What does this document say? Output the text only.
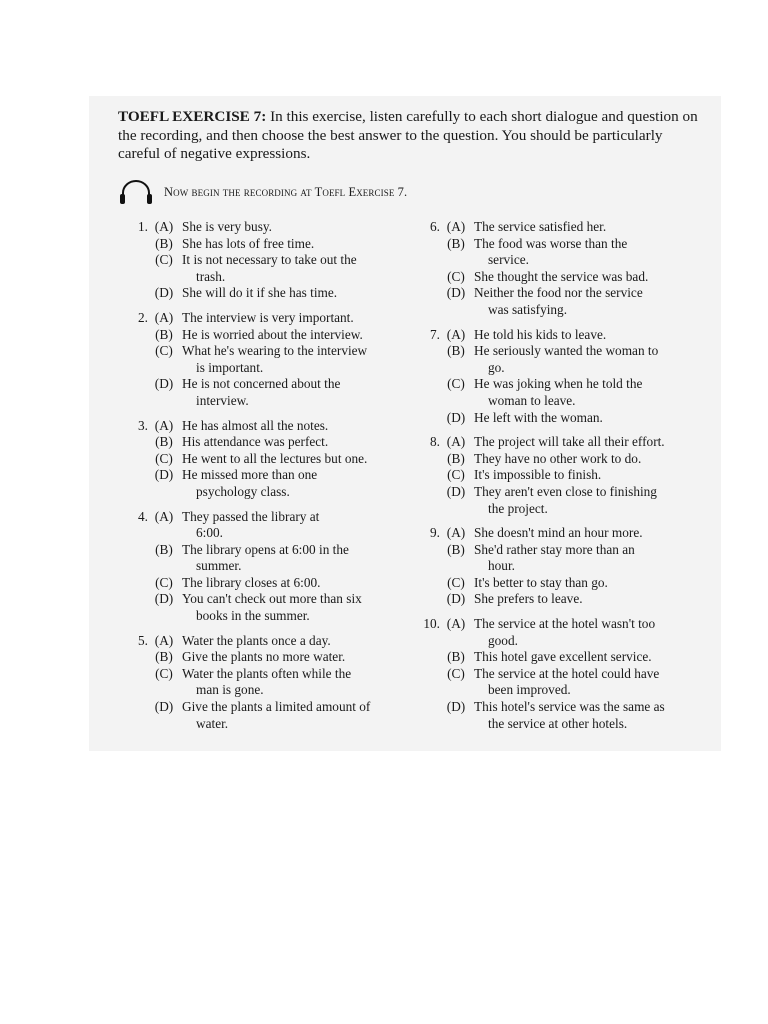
TOEFL EXERCISE 7: In this exercise, listen carefully to each short dialogue and question on the recording, and then choose the best answer to the question. You should be particularly careful of negative expressions.
Now begin the recording at Toefl Exercise 7.
1. (A) She is very busy.
(B) She has lots of free time.
(C) It is not necessary to take out the
trash.
(D) She will do it if she has time.
2. (A) The interview is very important.
(B) He is worried about the interview.
(C) What he's wearing to the interview
is important.
(D) He is not concerned about the
interview.
3. (A) He has almost all the notes.
(B) His attendance was perfect.
(C) He went to all the lectures but one.
(D) He missed more than one
psychology class.
4. (A) They passed the library at
6:00.
(B) The library opens at 6:00 in the
summer.
(C) The library closes at 6:00.
(D) You can't check out more than six
books in the summer.
5. (A) Water the plants once a day.
(B) Give the plants no more water.
(C) Water the plants often while the
man is gone.
(D) Give the plants a limited amount of
water.
6. (A) The service satisfied her.
(B) The food was worse than the
service.
(C) She thought the service was bad.
(D) Neither the food nor the service
was satisfying.
7. (A) He told his kids to leave.
(B) He seriously wanted the woman to
go.
(C) He was joking when he told the
woman to leave.
(D) He left with the woman.
8. (A) The project will take all their effort.
(B) They have no other work to do.
(C) It's impossible to finish.
(D) They aren't even close to finishing
the project.
9. (A) She doesn't mind an hour more.
(B) She'd rather stay more than an
hour.
(C) It's better to stay than go.
(D) She prefers to leave.
10. (A) The service at the hotel wasn't too
good.
(B) This hotel gave excellent service.
(C) The service at the hotel could have
been improved.
(D) This hotel's service was the same as
the service at other hotels.
